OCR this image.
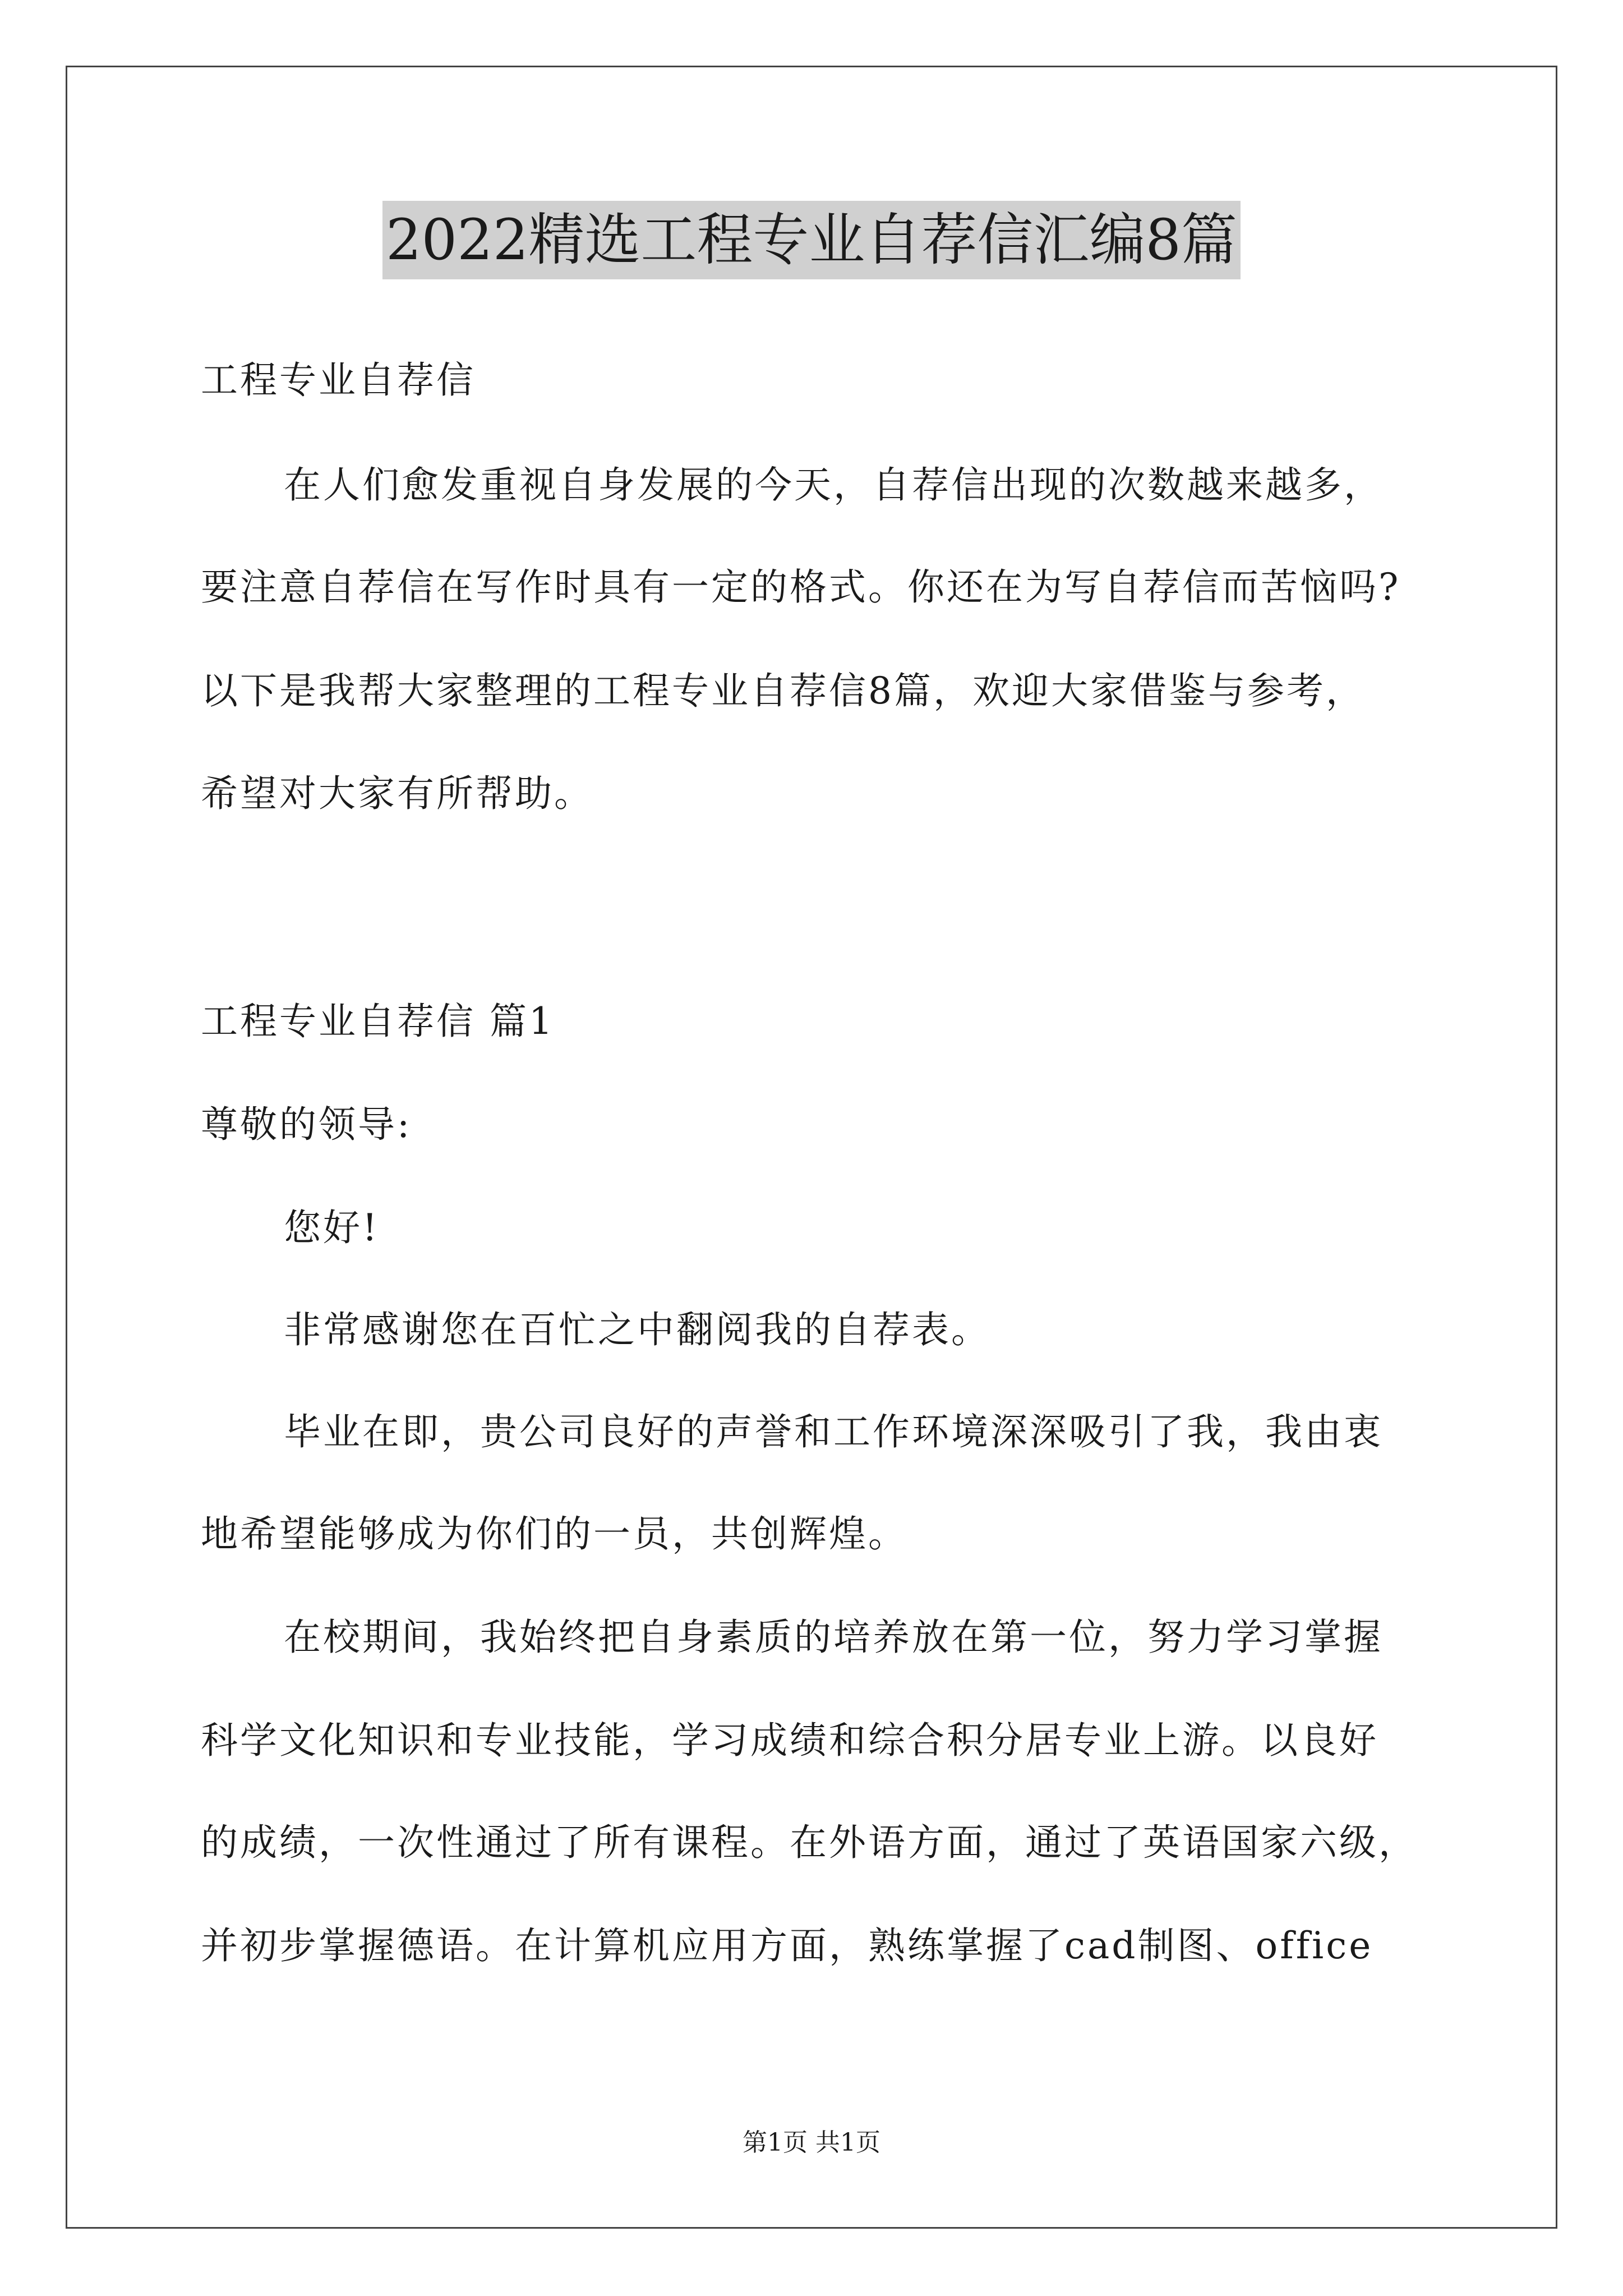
2022精选工程专业自荐信汇编8篇
工程专业自荐信
在人们愈发重视自身发展的今天，自荐信出现的次数越来越多，
要注意自荐信在写作时具有一定的格式。你还在为写自荐信而苦恼吗?
以下是我帮大家整理的工程专业自荐信8篇，欢迎大家借鉴与参考，
希望对大家有所帮助。
工程专业自荐信 篇1
尊敬的领导:
您好!
非常感谢您在百忙之中翻阅我的自荐表。
毕业在即，贵公司良好的声誉和工作环境深深吸引了我，我由衷
地希望能够成为你们的一员，共创辉煌。
在校期间，我始终把自身素质的培养放在第一位，努力学习掌握
科学文化知识和专业技能，学习成绩和综合积分居专业上游。以良好
的成绩，一次性通过了所有课程。在外语方面，通过了英语国家六级，
并初步掌握德语。在计算机应用方面，熟练掌握了cad制图、office
第1页 共1页
